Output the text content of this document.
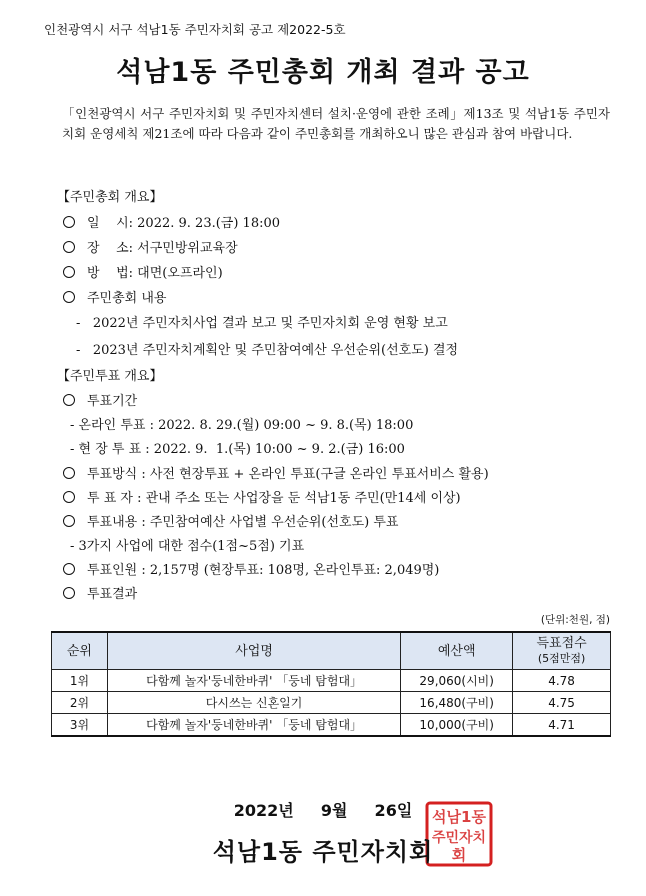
인천광역시 서구 석남1동 주민자치회 공고 제2022-5호
석남1동 주민총회 개최 결과 공고
「인천광역시 서구 주민자치회 및 주민자치센터 설치·운영에 관한 조례」제13조 및 석남1동 주민자치회 운영세칙 제21조에 따라 다음과 같이 주민총회를 개최하오니 많은 관심과 참여 바랍니다.
【주민총회 개요】
일    시: 2022. 9. 23.(금) 18:00
장    소: 서구민방위교육장
방    법: 대면(오프라인)
주민총회 내용
- 2022년 주민자치사업 결과 보고 및 주민자치회 운영 현황 보고
- 2023년 주민자치계획안 및 주민참여예산 우선순위(선호도) 결정
【주민투표 개요】
투표기간
- 온라인 투표 : 2022. 8. 29.(월) 09:00 ~ 9. 8.(목) 18:00
- 현 장 투 표 : 2022. 9.  1.(목) 10:00 ~ 9. 2.(금) 16:00
투표방식 : 사전 현장투표 + 온라인 투표(구글 온라인 투표서비스 활용)
투 표 자 : 관내 주소 또는 사업장을 둔 석남1동 주민(만14세 이상)
투표내용 : 주민참여예산 사업별 우선순위(선호도) 투표
- 3가지 사업에 대한 점수(1점~5점) 기표
투표인원 : 2,157명 (현장투표: 108명, 온라인투표: 2,049명)
투표결과
(단위:천원, 점)
순위	사업명	예산액	득표점수
(5점만점)
1위	다함께 놀자'둥네한바퀴' 「둥네 탐험대」	29,060(시비)	4.78
2위	다시쓰는 신혼일기	16,480(구비)	4.75
3위	다함께 놀자'둥네한바퀴' 「둥네 탐험대」	10,000(구비)	4.71
2022년  9월  26일	석남1동
주민자치
회
석남1동 주민자치회
